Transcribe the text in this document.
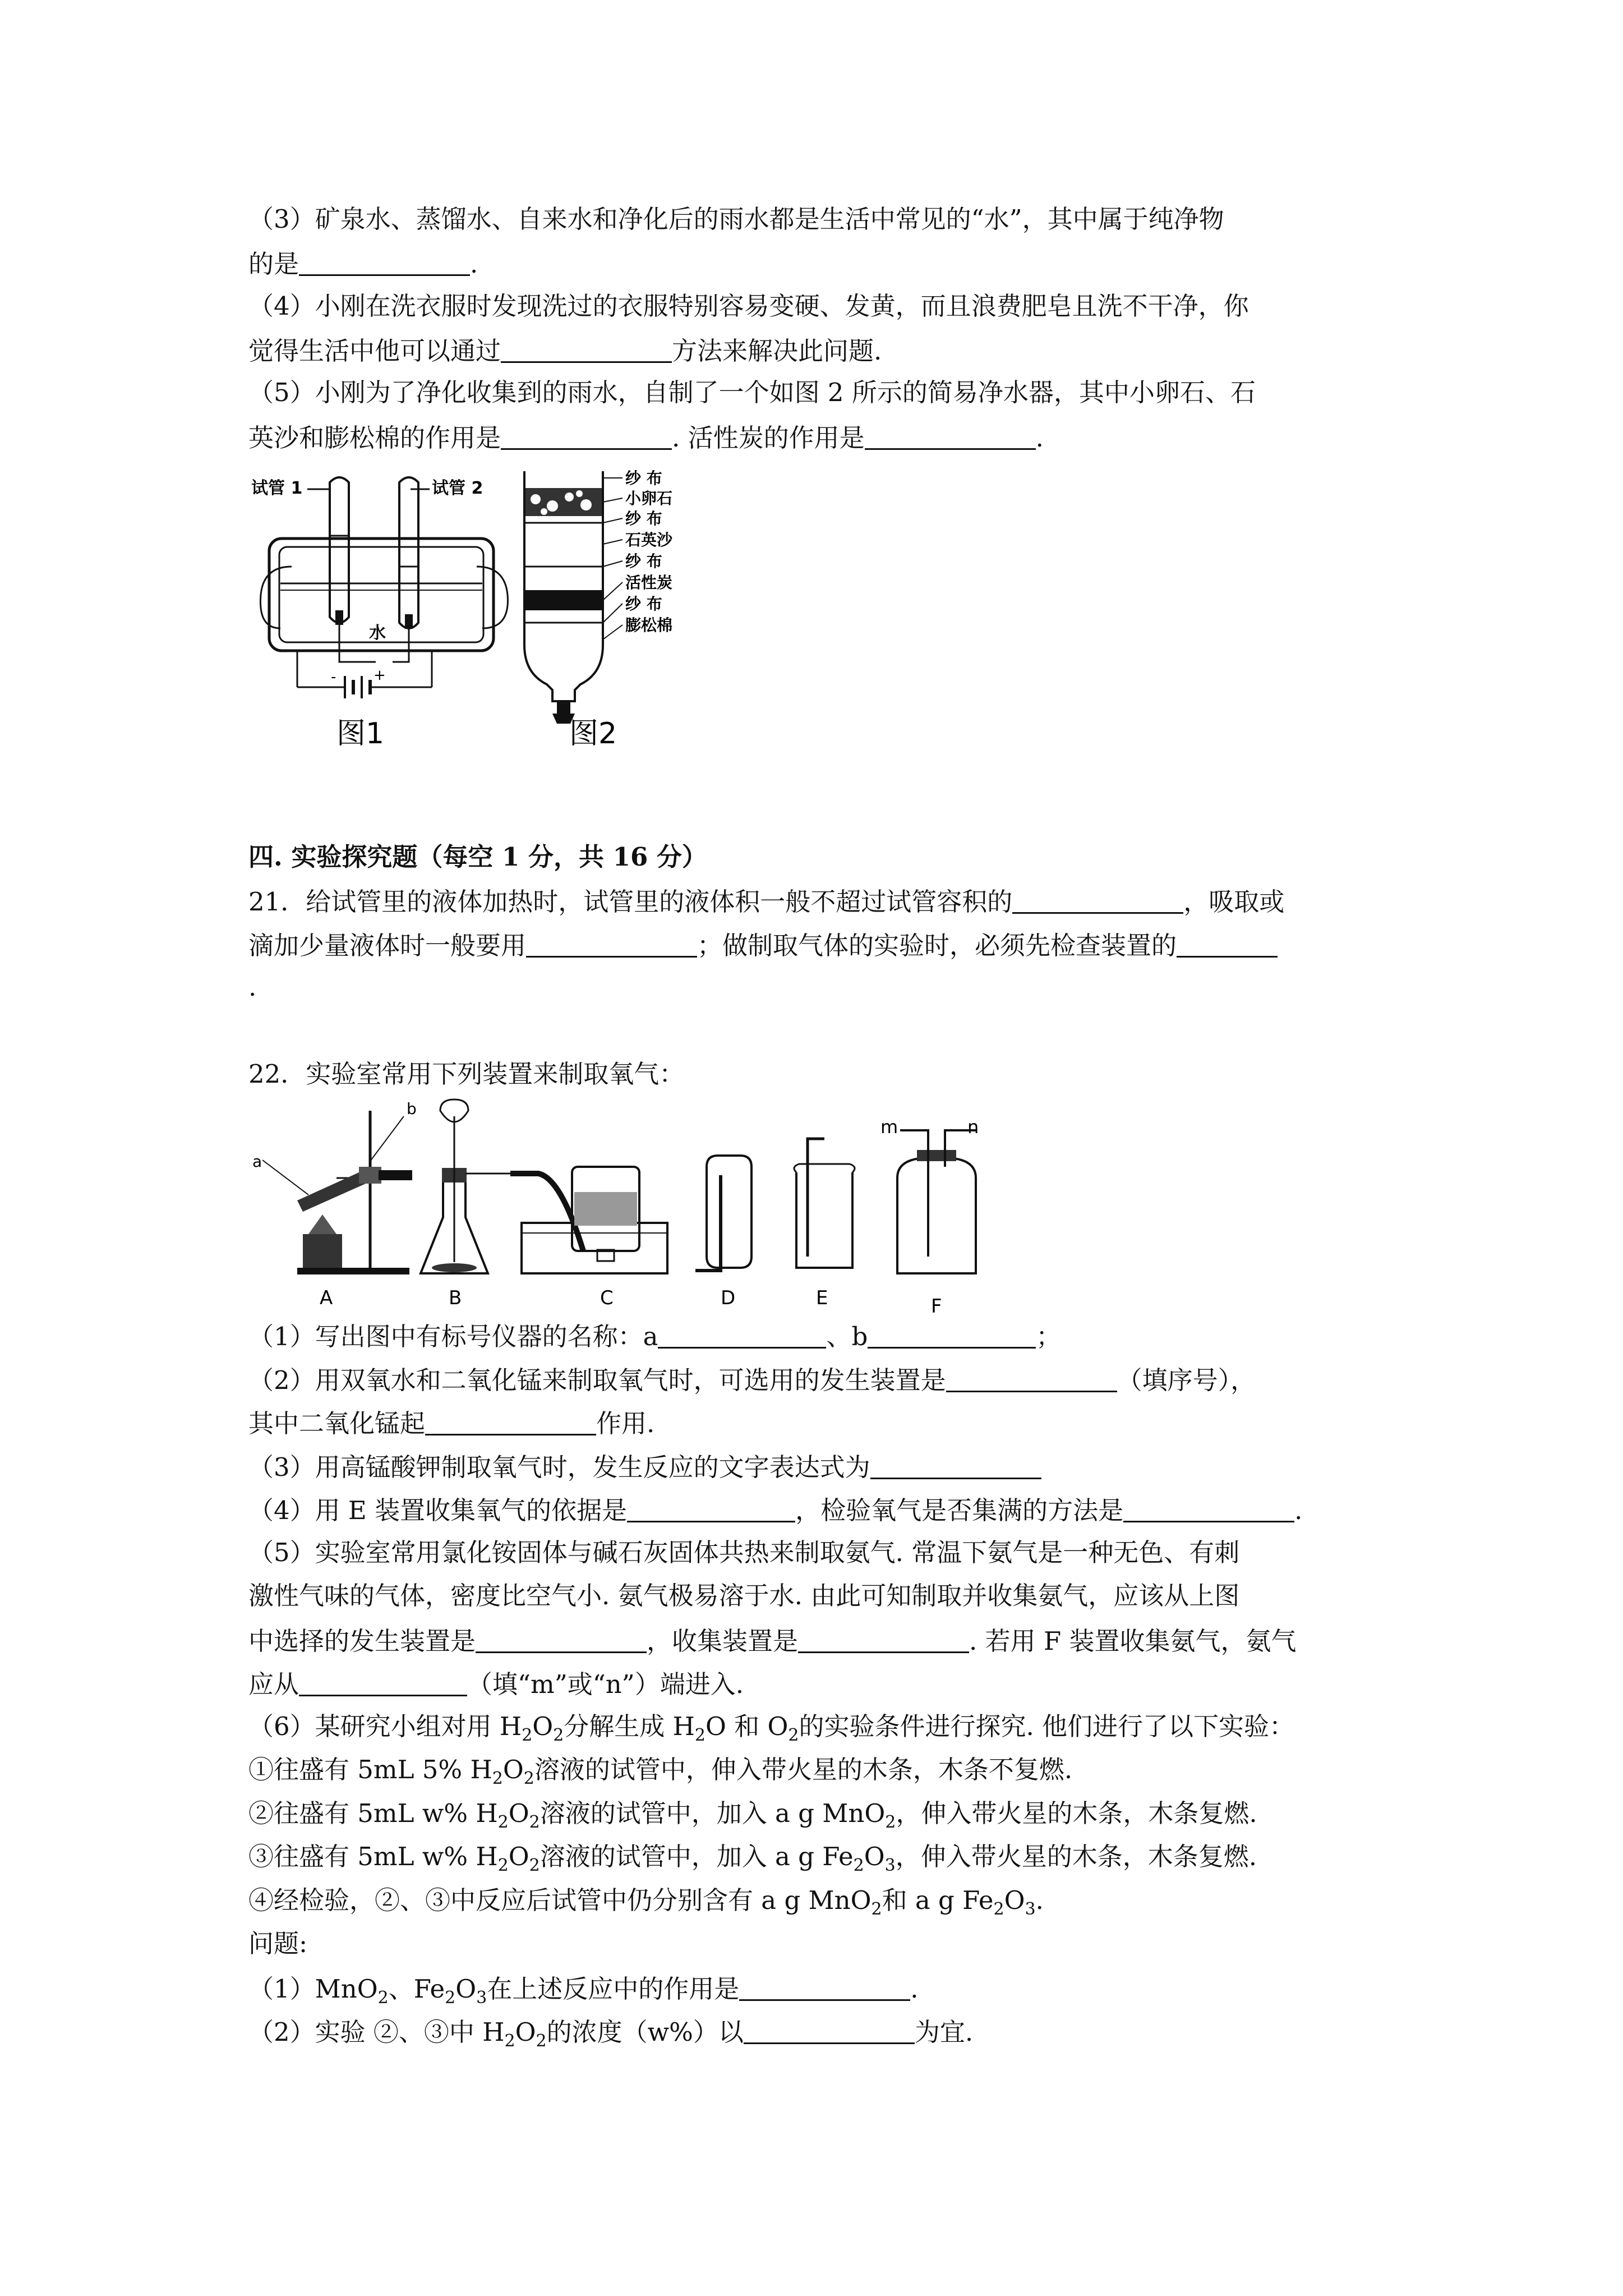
（3）矿泉水、蒸馏水、自来水和净化后的雨水都是生活中常见的“水”，其中属于纯净物
的是	.
（4）小刚在洗衣服时发现洗过的衣服特别容易变硬、发黄，而且浪费肥皂且洗不干净，你
觉得生活中他可以通过	方法来解决此问题.
（5）小刚为了净化收集到的雨水，自制了一个如图 2 所示的简易净水器，其中小卵石、石
英沙和膨松棉的作用是	. 活性炭的作用是	.
试管 1	试管 2
水
-	+
图1
纱 布
小卵石
纱 布
石英沙
纱 布
活性炭
纱 布
膨松棉
图2
四. 实验探究题（每空 1 分，共 16 分）
21．给试管里的液体加热时，试管里的液体积一般不超过试管容积的	，吸取或
滴加少量液体时一般要用	；做制取气体的实验时，必须先检查装置的
.
22．实验室常用下列装置来制取氧气：
a
b
A	B	C	D	E
m	n
F
（1）写出图中有标号仪器的名称：a	、b	；
（2）用双氧水和二氧化锰来制取氧气时，可选用的发生装置是	（填序号），
其中二氧化锰起	作用.
（3）用高锰酸钾制取氧气时，发生反应的文字表达式为
（4）用 E 装置收集氧气的依据是	，检验氧气是否集满的方法是	.
（5）实验室常用氯化铵固体与碱石灰固体共热来制取氨气. 常温下氨气是一种无色、有刺
激性气味的气体，密度比空气小. 氨气极易溶于水. 由此可知制取并收集氨气，应该从上图
中选择的发生装置是	，收集装置是	. 若用 F 装置收集氨气，氨气
应从	（填“m”或“n”）端进入.
（6）某研究小组对用 $H_2O_2$分解生成 $H_2O$ 和 $O_2$的实验条件进行探究. 他们进行了以下实验：
①往盛有 5mL 5% $H_2O_2$溶液的试管中，伸入带火星的木条，木条不复燃.
②往盛有 5mL w% $H_2O_2$溶液的试管中，加入 a g MnO$_2$，伸入带火星的木条，木条复燃.
③往盛有 5mL w% $H_2O_2$溶液的试管中，加入 a g $Fe_2O_3$，伸入带火星的木条，木条复燃.
④经检验，②、③中反应后试管中仍分别含有 a g MnO$_2$和 a g $Fe_2O_3$.
问题:
（1）MnO$_2$、$Fe_2O_3$在上述反应中的作用是	.
（2）实验 ②、③中 $H_2O_2$的浓度（w%）以	为宜.
